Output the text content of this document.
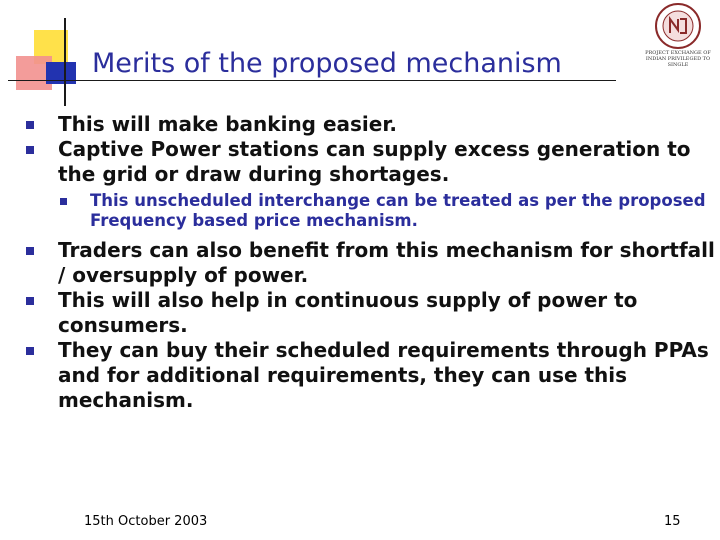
Merits of the proposed mechanism	PROJECT EXCHANGE OF INDIAN PRIVILEGED TO SINGLE
This will make banking easier.
Captive Power stations can supply excess generation to the grid or draw during shortages.
This unscheduled interchange can be treated as per the proposed Frequency based price mechanism.
Traders can also benefit from this mechanism for shortfall / oversupply of power.
This will also help in continuous supply of power to consumers.
They can buy their scheduled requirements through PPAs and for additional requirements, they can use this mechanism.
15th October 2003	15
